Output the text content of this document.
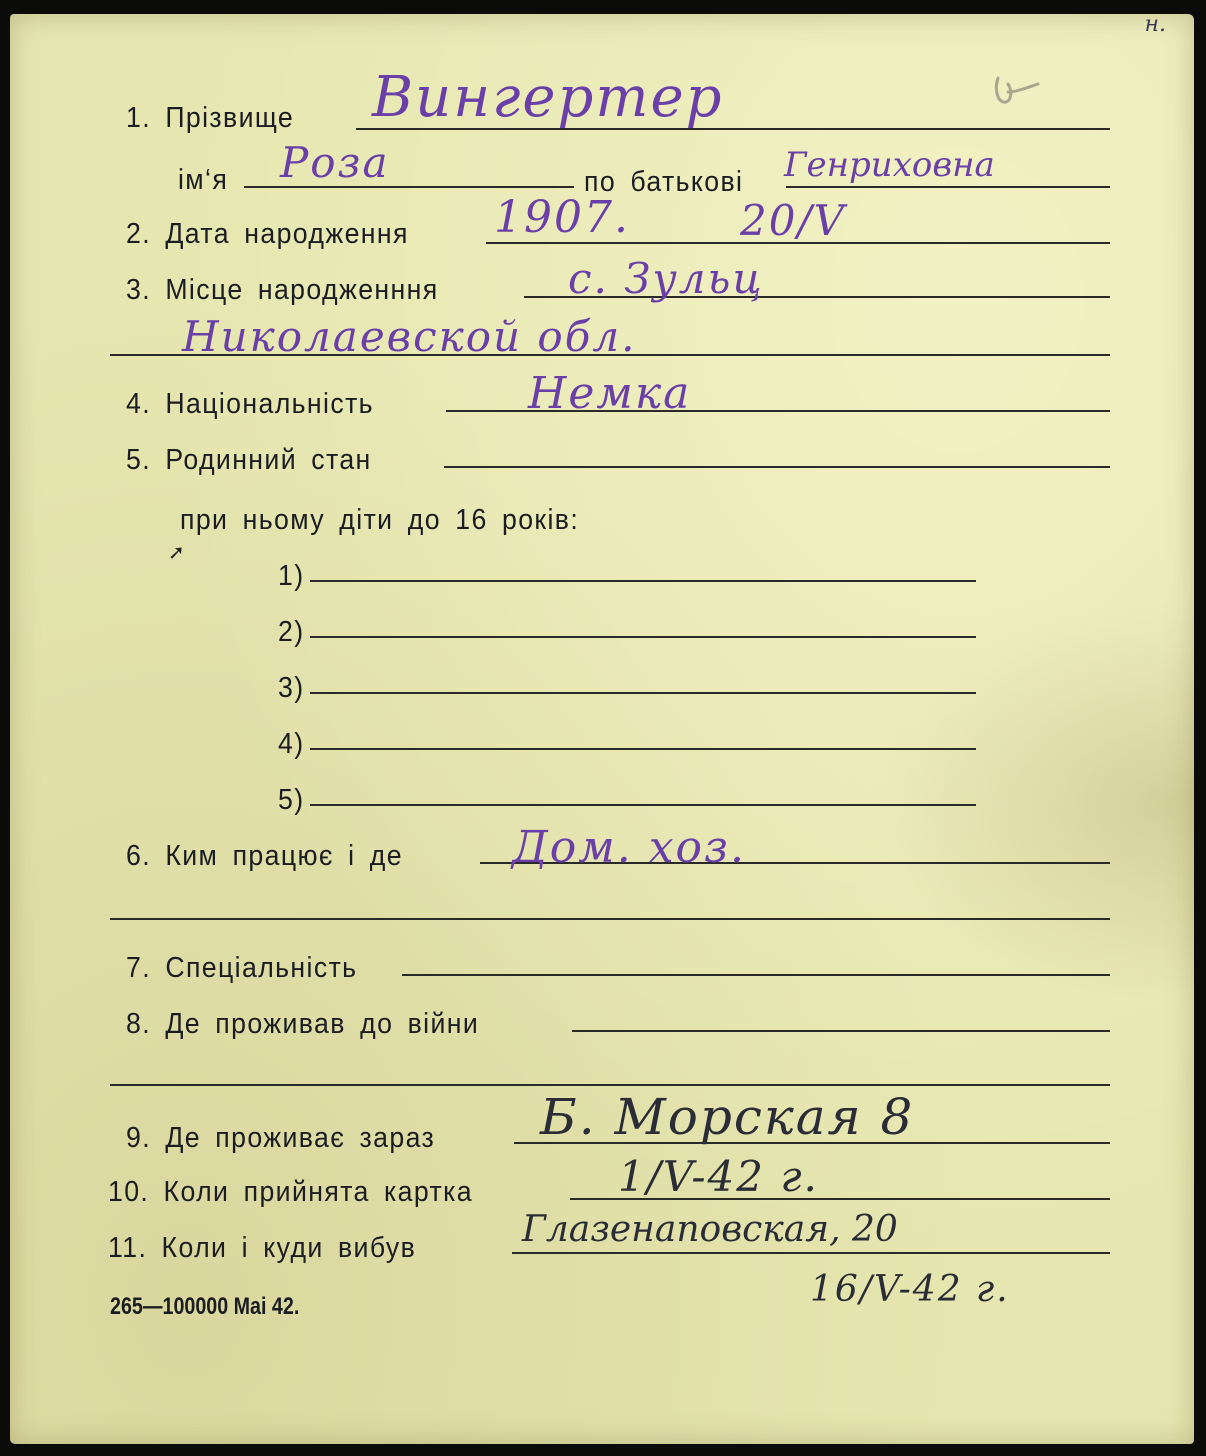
н.
1. Прізвище Вингертер
ім‘я Роза	по батькові Генриховна
2. Дата народження 1907.	20/V
3. Місце народженння	с. Зульц
Николаевской обл.
4. Національність	Немка
5. Родинний стан
при ньому діти до 16 років:
➚
1)
2)
3)
4)
5)
6. Ким працює і де Дом. хоз.
7. Спеціальність
8. Де проживав до війни
9. Де проживає зараз Б. Морская 8
10. Коли прийнята картка	1/V-42 г.
11. Коли і куди вибув	Глазенаповская, 20
16/V-42 г.
265—100000 Mai 42.
